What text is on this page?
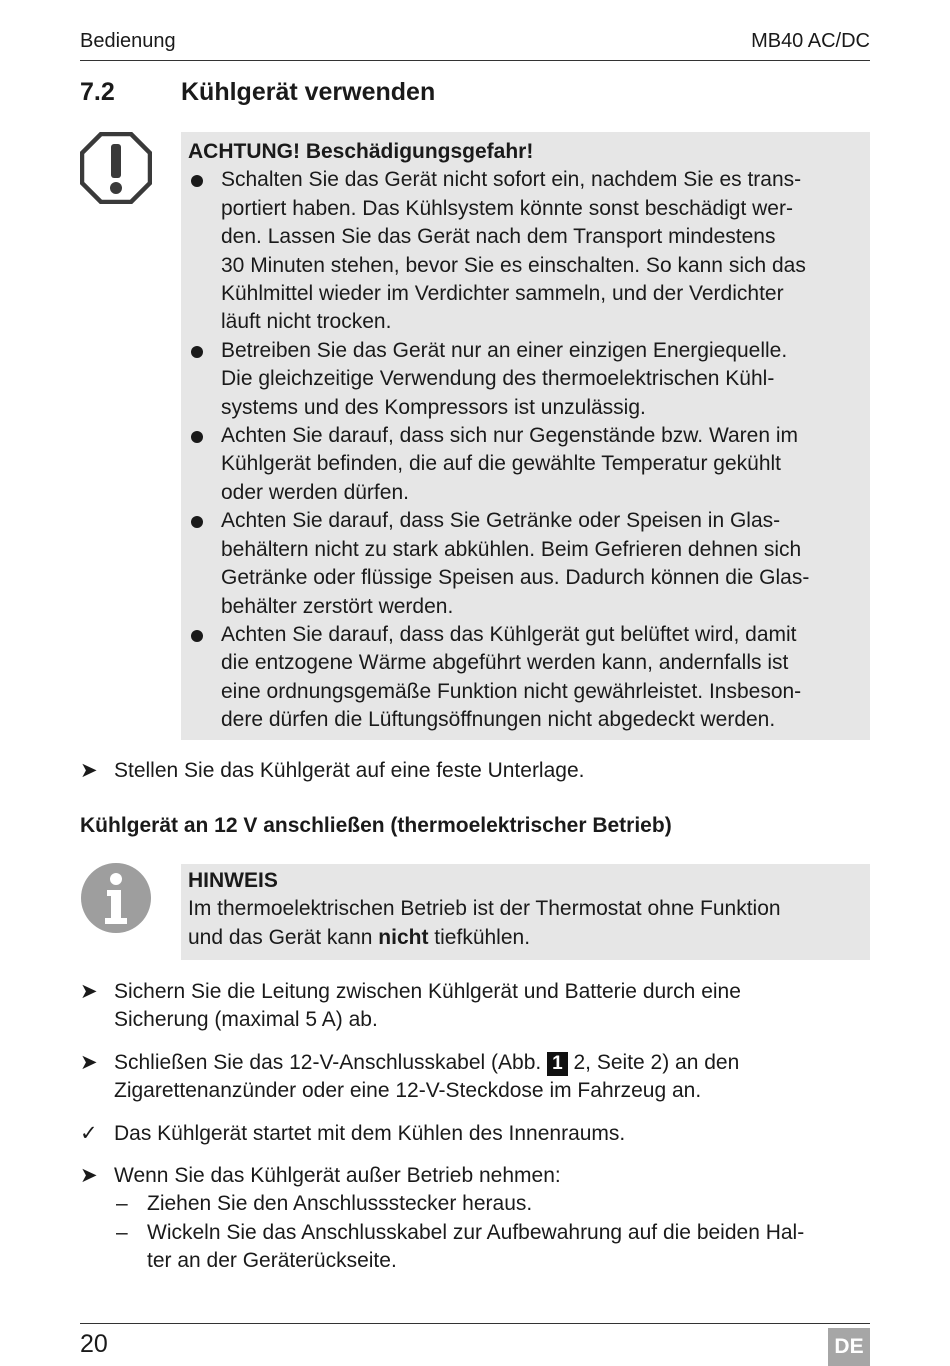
Bedienung	MB40 AC/DC
7.2	Kühlgerät verwenden
ACHTUNG! Beschädigungsgefahr!
Schalten Sie das Gerät nicht sofort ein, nachdem Sie es trans-
portiert haben. Das Kühlsystem könnte sonst beschädigt wer-
den. Lassen Sie das Gerät nach dem Transport mindestens
30 Minuten stehen, bevor Sie es einschalten. So kann sich das
Kühlmittel wieder im Verdichter sammeln, und der Verdichter
läuft nicht trocken.
Betreiben Sie das Gerät nur an einer einzigen Energiequelle.
Die gleichzeitige Verwendung des thermoelektrischen Kühl-
systems und des Kompressors ist unzulässig.
Achten Sie darauf, dass sich nur Gegenstände bzw. Waren im
Kühlgerät befinden, die auf die gewählte Temperatur gekühlt
oder werden dürfen.
Achten Sie darauf, dass Sie Getränke oder Speisen in Glas-
behältern nicht zu stark abkühlen. Beim Gefrieren dehnen sich
Getränke oder flüssige Speisen aus. Dadurch können die Glas-
behälter zerstört werden.
Achten Sie darauf, dass das Kühlgerät gut belüftet wird, damit
die entzogene Wärme abgeführt werden kann, andernfalls ist
eine ordnungsgemäße Funktion nicht gewährleistet. Insbeson-
dere dürfen die Lüftungsöffnungen nicht abgedeckt werden.
➤ Stellen Sie das Kühlgerät auf eine feste Unterlage.
Kühlgerät an 12 V anschließen (thermoelektrischer Betrieb)
HINWEIS
Im thermoelektrischen Betrieb ist der Thermostat ohne Funktion
und das Gerät kann nicht tiefkühlen.
➤ Sichern Sie die Leitung zwischen Kühlgerät und Batterie durch eine
Sicherung (maximal 5 A) ab.
➤ Schließen Sie das 12-V-Anschlusskabel (Abb. 1 2, Seite 2) an den
Zigarettenanzünder oder eine 12-V-Steckdose im Fahrzeug an.
✓ Das Kühlgerät startet mit dem Kühlen des Innenraums.
➤ Wenn Sie das Kühlgerät außer Betrieb nehmen:
– Ziehen Sie den Anschlussstecker heraus.
– Wickeln Sie das Anschlusskabel zur Aufbewahrung auf die beiden Hal-
ter an der Geräterückseite.
20	DE
